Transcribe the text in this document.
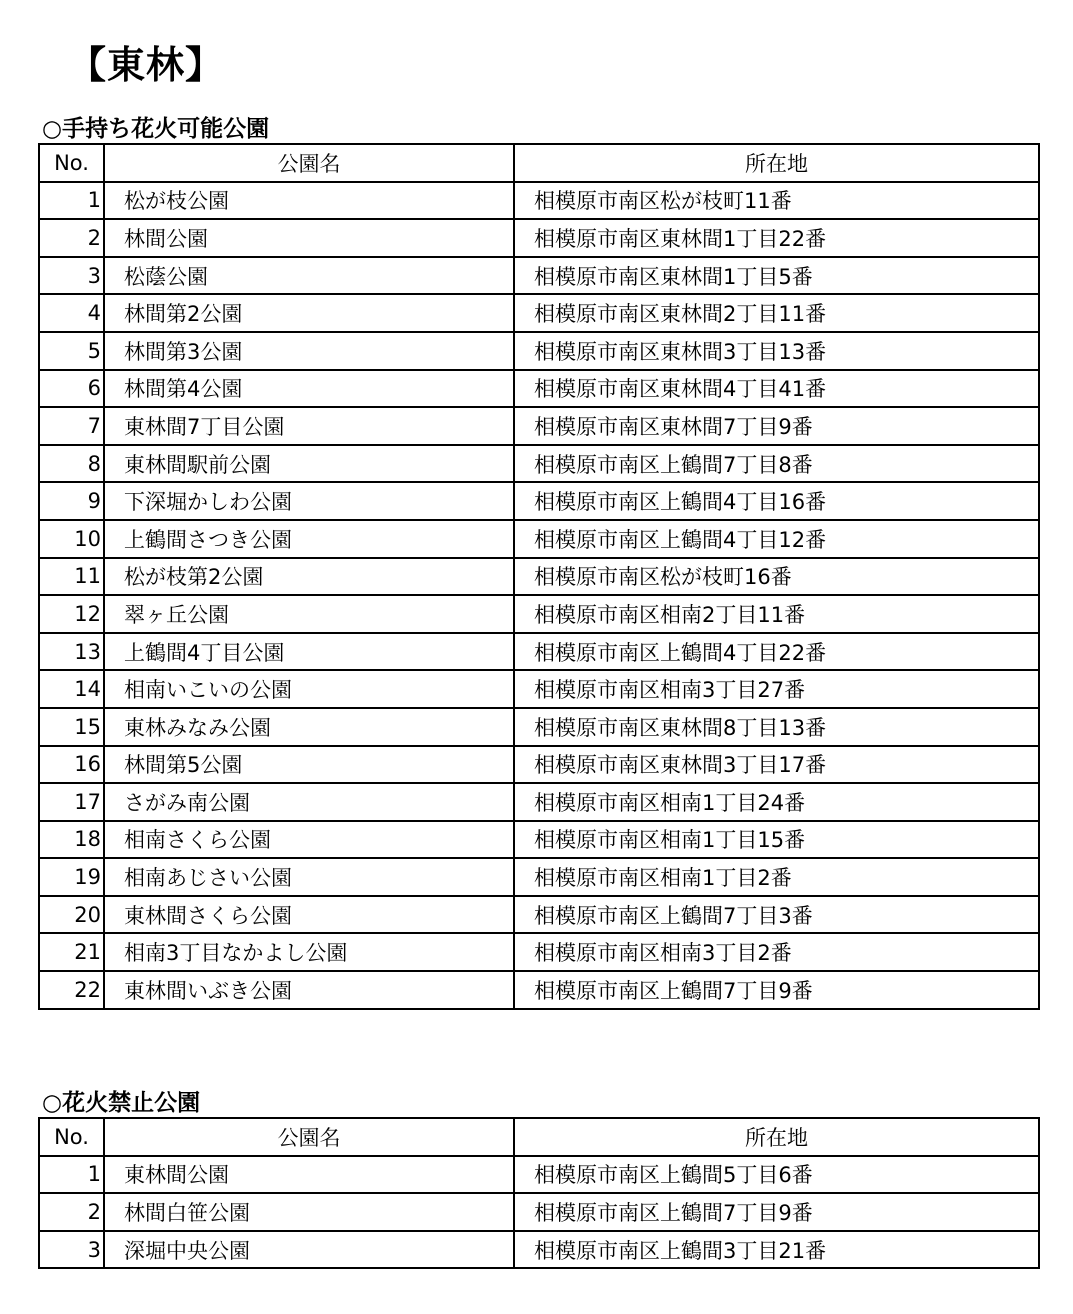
【東林】
○手持ち花火可能公園
No.	公園名	所在地
1	松が枝公園	相模原市南区松が枝町11番
2	林間公園	相模原市南区東林間1丁目22番
3	松蔭公園	相模原市南区東林間1丁目5番
4	林間第2公園	相模原市南区東林間2丁目11番
5	林間第3公園	相模原市南区東林間3丁目13番
6	林間第4公園	相模原市南区東林間4丁目41番
7	東林間7丁目公園	相模原市南区東林間7丁目9番
8	東林間駅前公園	相模原市南区上鶴間7丁目8番
9	下深堀かしわ公園	相模原市南区上鶴間4丁目16番
10	上鶴間さつき公園	相模原市南区上鶴間4丁目12番
11	松が枝第2公園	相模原市南区松が枝町16番
12	翠ヶ丘公園	相模原市南区相南2丁目11番
13	上鶴間4丁目公園	相模原市南区上鶴間4丁目22番
14	相南いこいの公園	相模原市南区相南3丁目27番
15	東林みなみ公園	相模原市南区東林間8丁目13番
16	林間第5公園	相模原市南区東林間3丁目17番
17	さがみ南公園	相模原市南区相南1丁目24番
18	相南さくら公園	相模原市南区相南1丁目15番
19	相南あじさい公園	相模原市南区相南1丁目2番
20	東林間さくら公園	相模原市南区上鶴間7丁目3番
21	相南3丁目なかよし公園	相模原市南区相南3丁目2番
22	東林間いぶき公園	相模原市南区上鶴間7丁目9番
○花火禁止公園
No.	公園名	所在地
1	東林間公園	相模原市南区上鶴間5丁目6番
2	林間白笹公園	相模原市南区上鶴間7丁目9番
3	深堀中央公園	相模原市南区上鶴間3丁目21番
